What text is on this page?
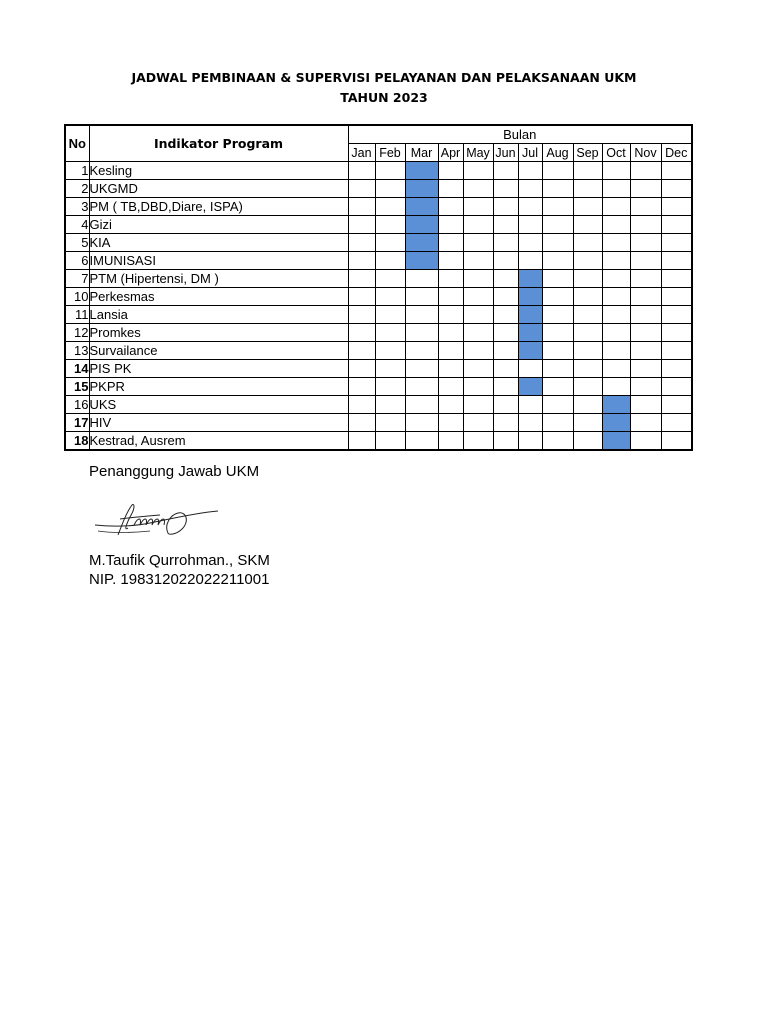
JADWAL PEMBINAAN & SUPERVISI PELAYANAN DAN PELAKSANAAN UKM
TAHUN 2023
No	Indikator Program	Bulan											
		Jan	Feb	Mar	Apr	May	Jun	Jul	Aug	Sep	Oct	Nov	Dec
1	Kesling												
2	UKGMD												
3	PM ( TB,DBD,Diare, ISPA)												
4	Gizi												
5	KIA												
6	IMUNISASI												
7	PTM (Hipertensi, DM )												
10	Perkesmas												
11	Lansia												
12	Promkes												
13	Survailance												
14	PIS PK												
15	PKPR												
16	UKS												
17	HIV												
18	Kestrad, Ausrem												
Penanggung Jawab UKM
M.Taufik Qurrohman., SKM
NIP. 198312022022211001
